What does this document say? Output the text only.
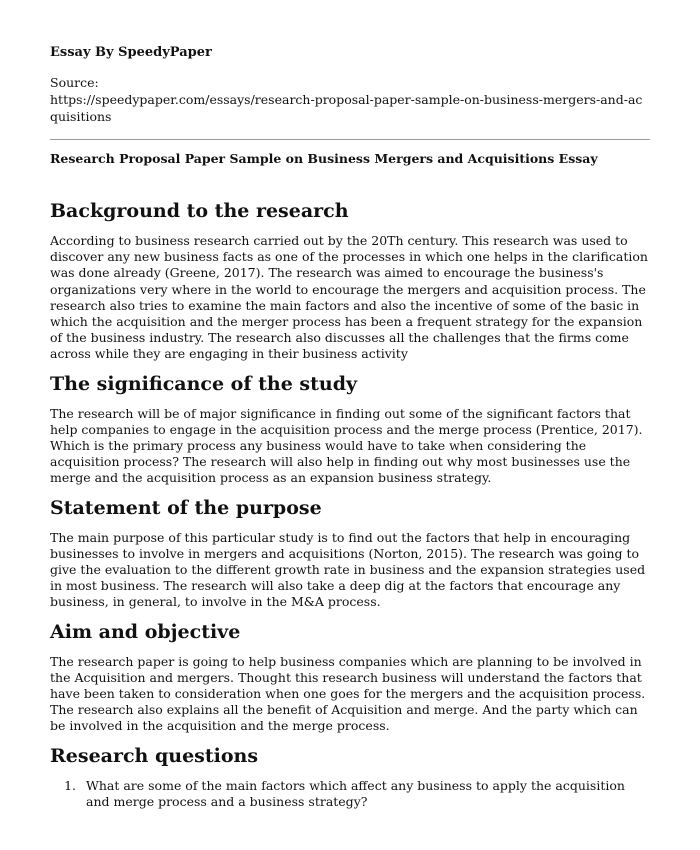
Essay By SpeedyPaper

Source:
https://speedypaper.com/essays/research-proposal-paper-sample-on-business-mergers-and-acquisitions

Research Proposal Paper Sample on Business Mergers and Acquisitions Essay
Background to the research

According to business research carried out by the 20Th century. This research was used to discover any new business facts as one of the processes in which one helps in the clarification was done already (Greene, 2017). The research was aimed to encourage the business's organizations very where in the world to encourage the mergers and acquisition process. The research also tries to examine the main factors and also the incentive of some of the basic in which the acquisition and the merger process has been a frequent strategy for the expansion of the business industry. The research also discusses all the challenges that the firms come across while they are engaging in their business activity

The significance of the study

The research will be of major significance in finding out some of the significant factors that help companies to engage in the acquisition process and the merge process (Prentice, 2017). Which is the primary process any business would have to take when considering the acquisition process? The research will also help in finding out why most businesses use the merge and the acquisition process as an expansion business strategy.

Statement of the purpose

The main purpose of this particular study is to find out the factors that help in encouraging businesses to involve in mergers and acquisitions (Norton, 2015). The research was going to give the evaluation to the different growth rate in business and the expansion strategies used in most business. The research will also take a deep dig at the factors that encourage any business, in general, to involve in the M&A process.

Aim and objective

The research paper is going to help business companies which are planning to be involved in the Acquisition and mergers. Thought this research business will understand the factors that have been taken to consideration when one goes for the mergers and the acquisition process. The research also explains all the benefit of Acquisition and merge. And the party which can be involved in the acquisition and the merge process.

Research questions
1. What are some of the main factors which affect any business to apply the acquisition and merge process and a business strategy?
